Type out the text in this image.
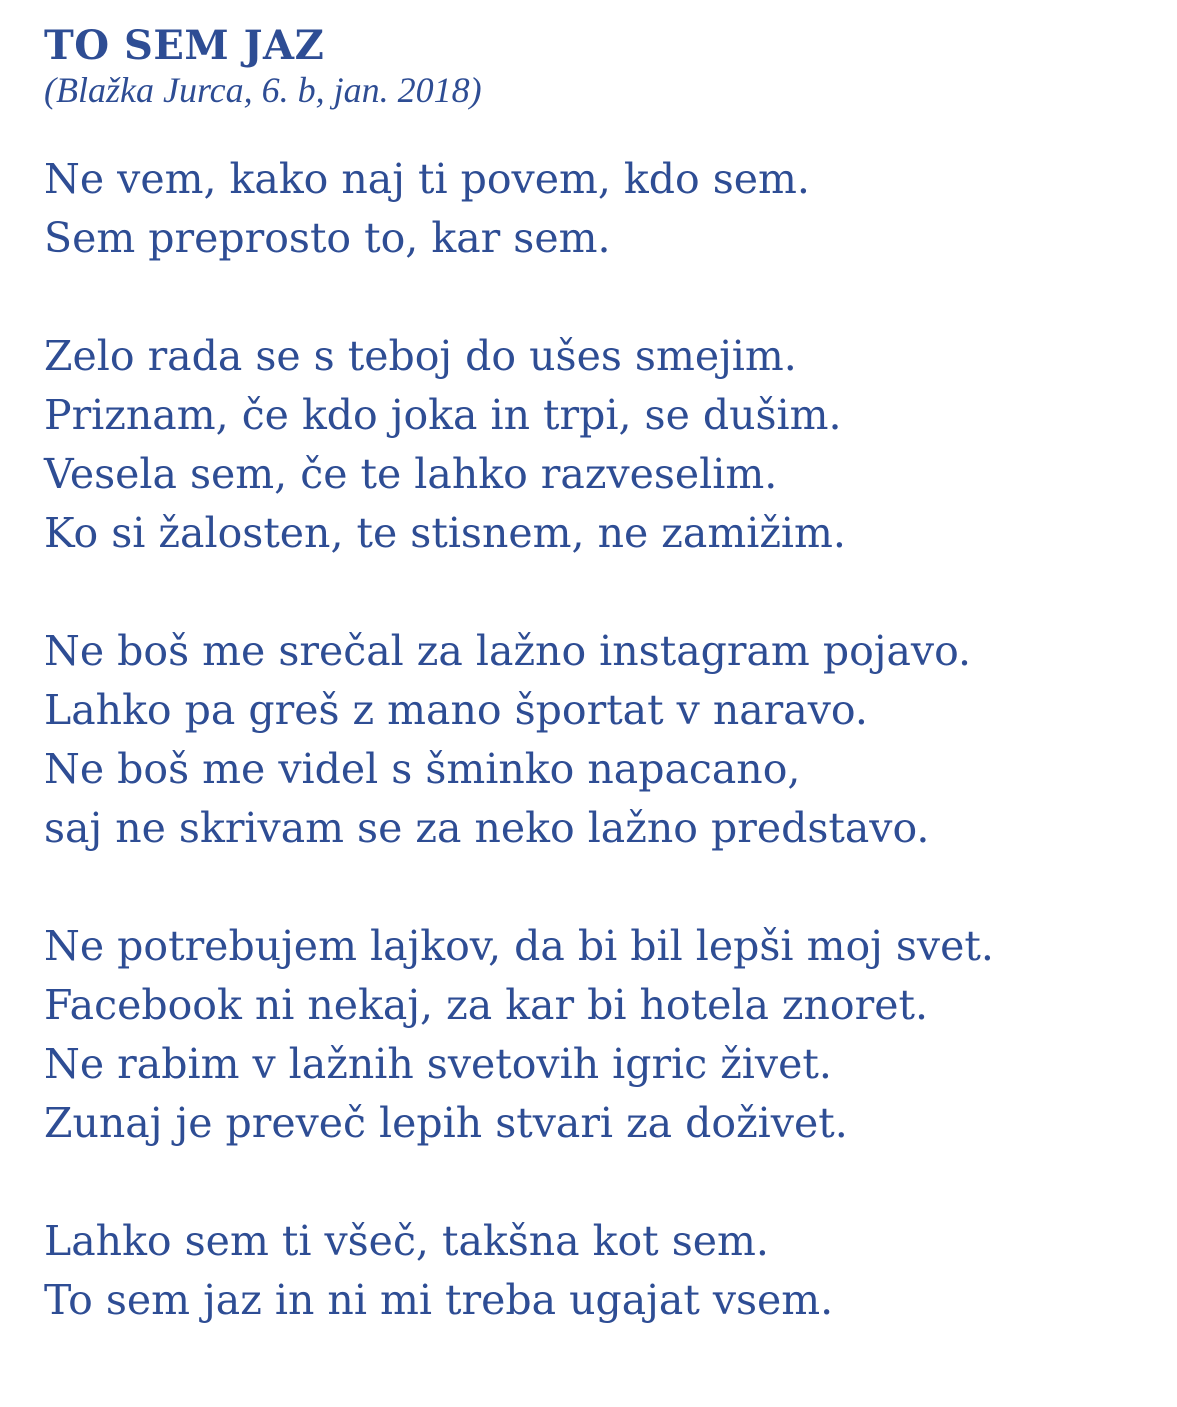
TO SEM JAZ

(Blažka Jurca, 6. b, jan. 2018)

Ne vem, kako naj ti povem, kdo sem.
Sem preprosto to, kar sem.
Zelo rada se s teboj do ušes smejim.
Priznam, če kdo joka in trpi, se dušim.
Vesela sem, če te lahko razveselim.
Ko si žalosten, te stisnem, ne zamižim.
Ne boš me srečal za lažno instagram pojavo.
Lahko pa greš z mano športat v naravo.
Ne boš me videl s šminko napacano,
saj ne skrivam se za neko lažno predstavo.
Ne potrebujem lajkov, da bi bil lepši moj svet.
Facebook ni nekaj, za kar bi hotela znoret.
Ne rabim v lažnih svetovih igric živet.
Zunaj je preveč lepih stvari za doživet.
Lahko sem ti všeč, takšna kot sem.
To sem jaz in ni mi treba ugajat vsem.
